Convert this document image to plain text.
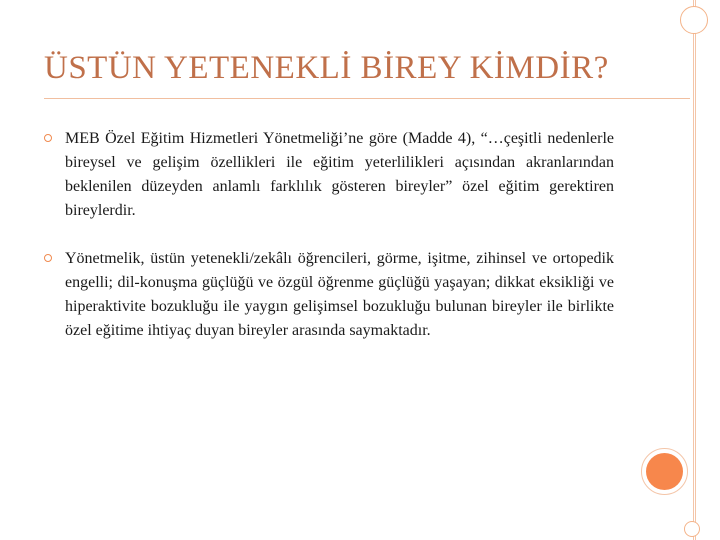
ÜSTÜN YETENEKLİ BİREY KİMDİR?
MEB Özel Eğitim Hizmetleri Yönetmeliği’ne göre (Madde 4), “…çeşitli nedenlerle bireysel ve gelişim özellikleri ile eğitim yeterlilikleri açısından akranlarından beklenilen düzeyden anlamlı farklılık gösteren bireyler” özel eğitim gerektiren bireylerdir.
Yönetmelik, üstün yetenekli/zekâlı öğrencileri, görme, işitme, zihinsel ve ortopedik engelli; dil-konuşma güçlüğü ve özgül öğrenme güçlüğü yaşayan; dikkat eksikliği ve hiperaktivite bozukluğu ile yaygın gelişimsel bozukluğu bulunan bireyler ile birlikte özel eğitime ihtiyaç duyan bireyler arasında saymaktadır.
